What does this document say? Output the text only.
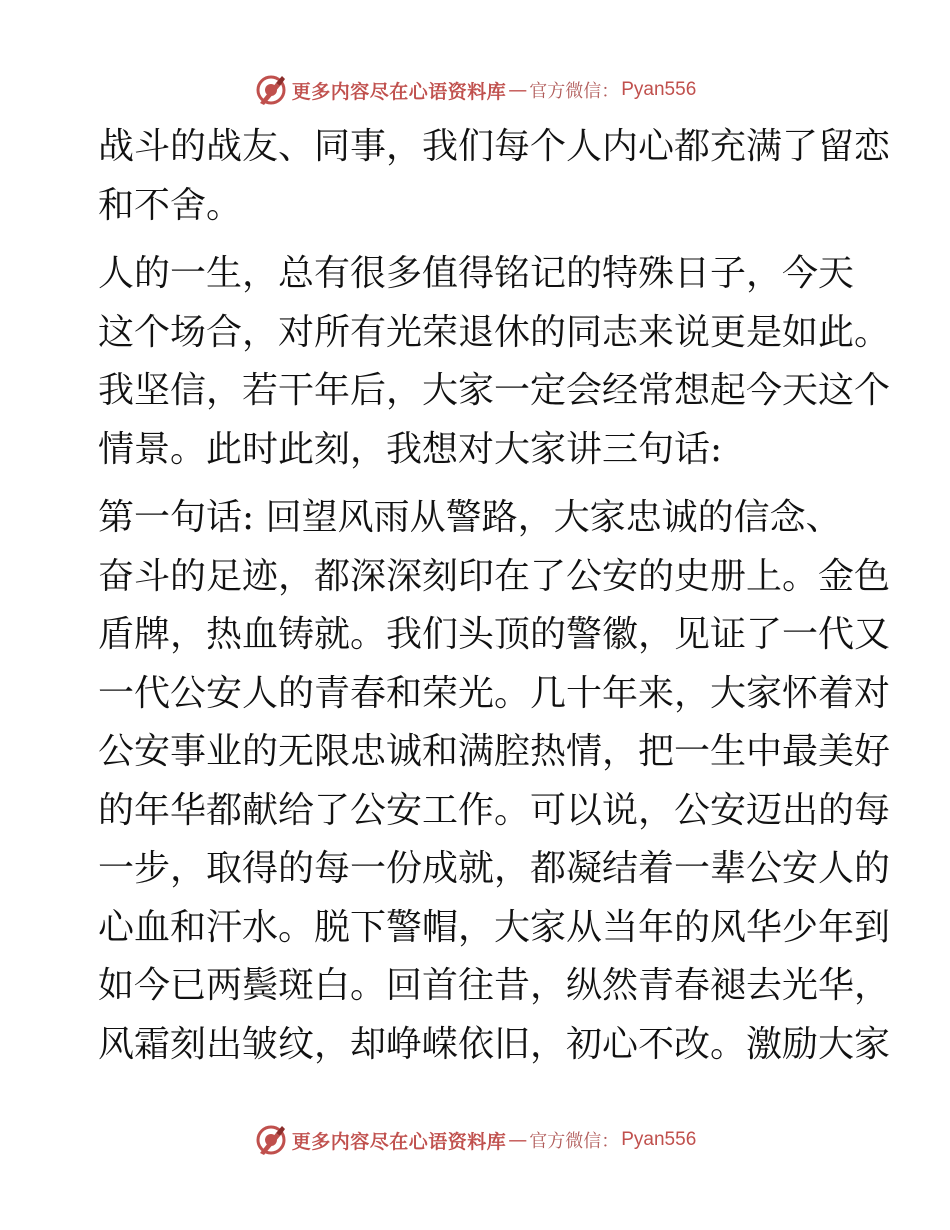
更多内容尽在心语资料库 — 官方微信： Pyan556
战斗的战友、同事，我们每个人内心都充满了留恋
和不舍。
人的一生，总有很多值得铭记的特殊日子，今天
这个场合，对所有光荣退休的同志来说更是如此。
我坚信，若干年后，大家一定会经常想起今天这个
情景。此时此刻，我想对大家讲三句话:
第一句话: 回望风雨从警路，大家忠诚的信念、
奋斗的足迹，都深深刻印在了公安的史册上。金色
盾牌，热血铸就。我们头顶的警徽，见证了一代又
一代公安人的青春和荣光。几十年来，大家怀着对
公安事业的无限忠诚和满腔热情，把一生中最美好
的年华都献给了公安工作。可以说，公安迈出的每
一步，取得的每一份成就，都凝结着一辈公安人的
心血和汗水。脱下警帽，大家从当年的风华少年到
如今已两鬓斑白。回首往昔，纵然青春褪去光华，
风霜刻出皱纹，却峥嵘依旧，初心不改。激励大家
更多内容尽在心语资料库 — 官方微信： Pyan556
